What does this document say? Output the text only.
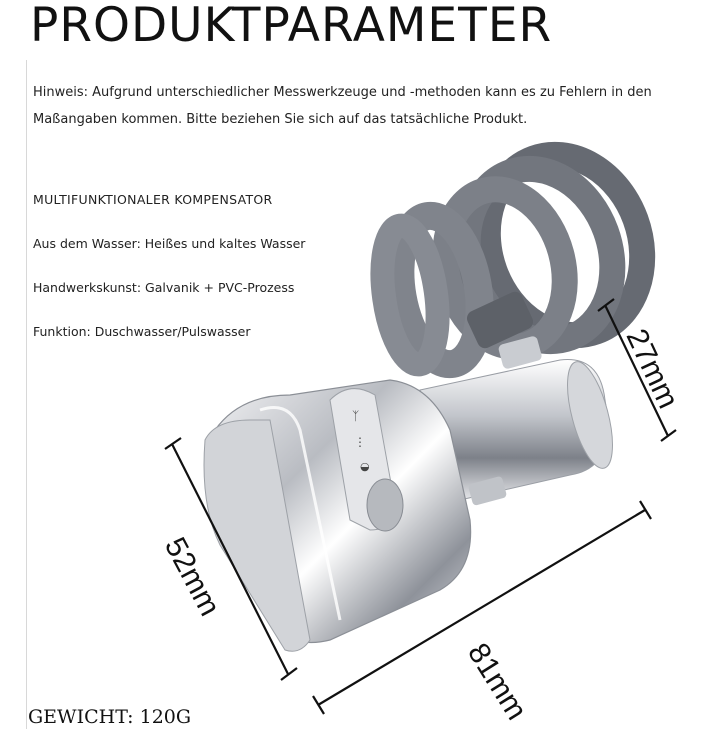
PRODUKTPARAMETER
Hinweis: Aufgrund unterschiedlicher Messwerkzeuge und -methoden kann es zu Fehlern in den
Maßangaben kommen. Bitte beziehen Sie sich auf das tatsächliche Produkt.
MULTIFUNKTIONALER KOMPENSATOR
Aus dem Wasser: Heißes und kaltes Wasser
Handwerkskunst: Galvanik + PVC-Prozess
Funktion: Duschwasser/Pulswasser
ᛉ
⋮
◒
27mm
52mm
81mm
GEWICHT: 120G
